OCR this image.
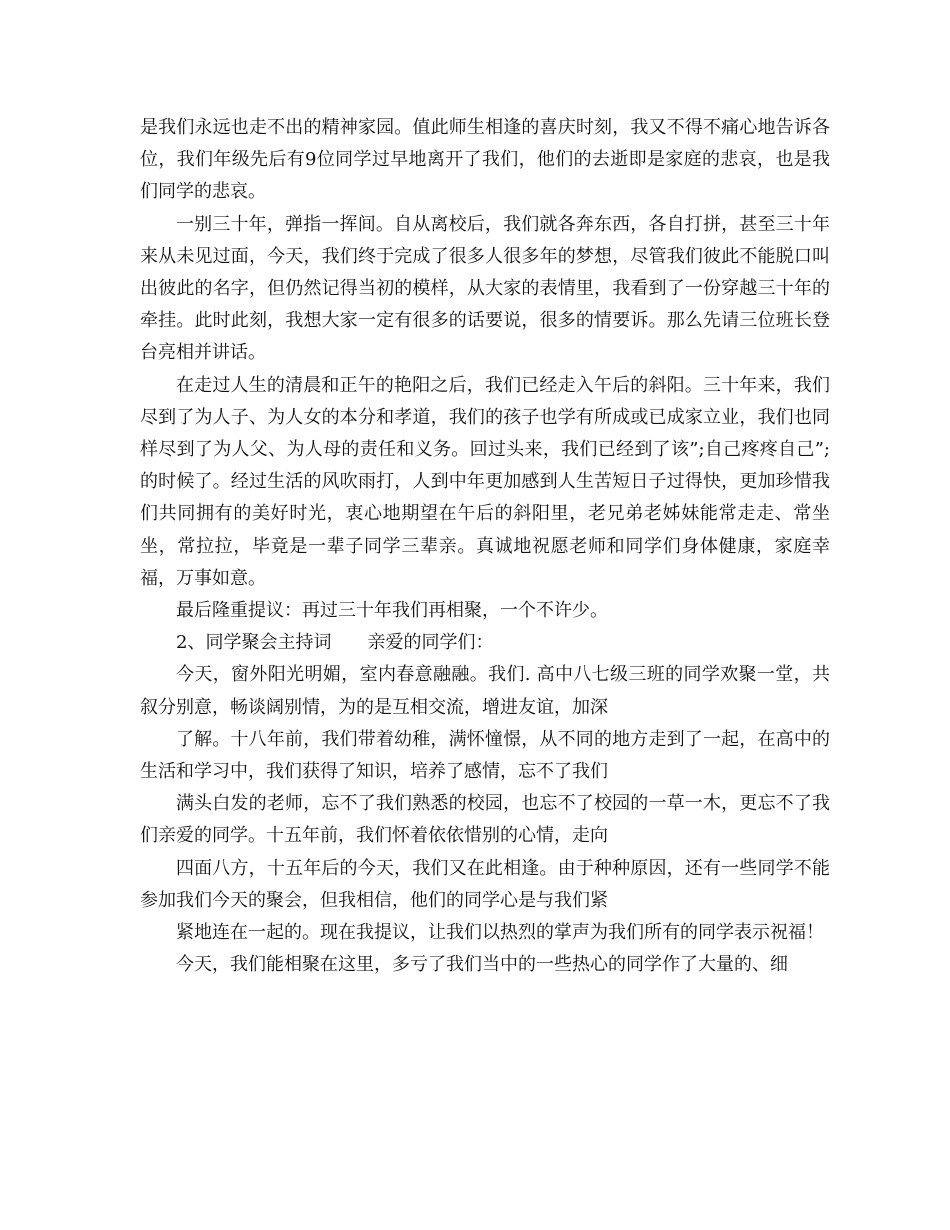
是我们永远也走不出的精神家园。值此师生相逢的喜庆时刻，我又不得不痛心地告诉各位，我们年级先后有9位同学过早地离开了我们，他们的去逝即是家庭的悲哀，也是我们同学的悲哀。

一别三十年，弹指一挥间。自从离校后，我们就各奔东西，各自打拼，甚至三十年来从未见过面，今天，我们终于完成了很多人很多年的梦想，尽管我们彼此不能脱口叫出彼此的名字，但仍然记得当初的模样，从大家的表情里，我看到了一份穿越三十年的牵挂。此时此刻，我想大家一定有很多的话要说，很多的情要诉。那么先请三位班长登台亮相并讲话。

在走过人生的清晨和正午的艳阳之后，我们已经走入午后的斜阳。三十年来，我们尽到了为人子、为人女的本分和孝道，我们的孩子也学有所成或已成家立业，我们也同样尽到了为人父、为人母的责任和义务。回过头来，我们已经到了该”;自己疼疼自己”;的时候了。经过生活的风吹雨打，人到中年更加感到人生苦短日子过得快，更加珍惜我们共同拥有的美好时光，衷心地期望在午后的斜阳里，老兄弟老姊妹能常走走、常坐坐，常拉拉，毕竟是一辈子同学三辈亲。真诚地祝愿老师和同学们身体健康，家庭幸福，万事如意。

最后隆重提议：再过三十年我们再相聚，一个不许少。

2、同学聚会主持词　　亲爱的同学们：

今天，窗外阳光明媚，室内春意融融。我们. 高中八七级三班的同学欢聚一堂，共叙分别意，畅谈阔别情，为的是互相交流，增进友谊，加深

了解。十八年前，我们带着幼稚，满怀憧憬，从不同的地方走到了一起，在高中的生活和学习中，我们获得了知识，培养了感情，忘不了我们

满头白发的老师，忘不了我们熟悉的校园，也忘不了校园的一草一木，更忘不了我们亲爱的同学。十五年前，我们怀着依依惜别的心情，走向

四面八方，十五年后的今天，我们又在此相逢。由于种种原因，还有一些同学不能参加我们今天的聚会，但我相信，他们的同学心是与我们紧

紧地连在一起的。现在我提议，让我们以热烈的掌声为我们所有的同学表示祝福！

今天，我们能相聚在这里，多亏了我们当中的一些热心的同学作了大量的、细
